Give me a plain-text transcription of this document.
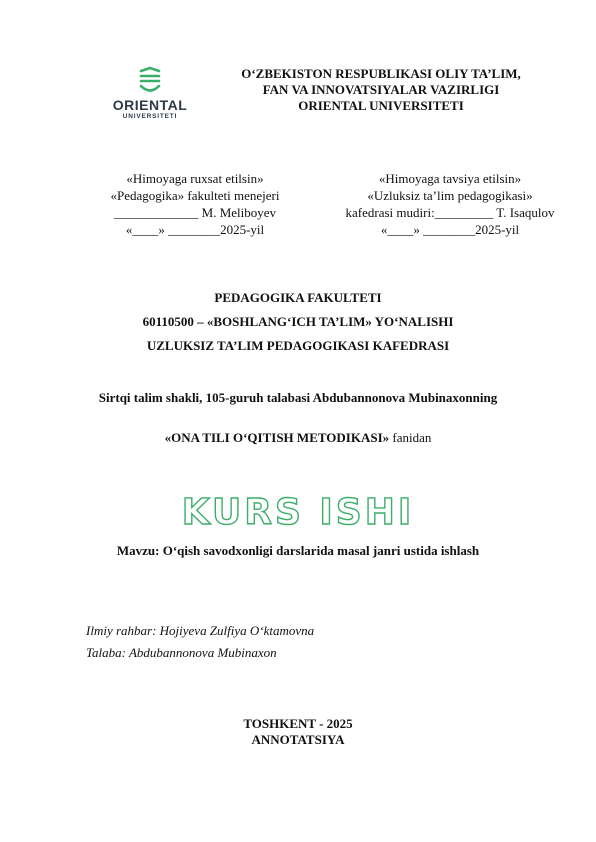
ORIENTAL
UNIVERSITETI
O‘ZBEKISTON RESPUBLIKASI OLIY TA’LIM,
FAN VA INNOVATSIYALAR VAZIRLIGI
ORIENTAL UNIVERSITETI
«Himoyaga ruxsat etilsin»
«Pedagogika» fakulteti menejeri
_____________ M. Meliboyev
«____» ________2025-yil
«Himoyaga tavsiya etilsin»
«Uzluksiz ta’lim pedagogikasi»
kafedrasi mudiri:_________ T. Isaqulov
«____» ________2025-yil
PEDAGOGIKA FAKULTETI
60110500 – «BOSHLANG‘ICH TA’LIM» YO‘NALISHI
UZLUKSIZ TA’LIM PEDAGOGIKASI KAFEDRASI
Sirtqi talim shakli, 105-guruh talabasi Abdubannonova Mubinaxonning
«ONA TILI O‘QITISH METODIKASI» fanidan
KURS ISHI
Mavzu: O‘qish savodxonligi darslarida masal janri ustida ishlash
Ilmiy rahbar: Hojiyeva Zulfiya O‘ktamovna
Talaba: Abdubannonova Mubinaxon
TOSHKENT - 2025
ANNOTATSIYA
